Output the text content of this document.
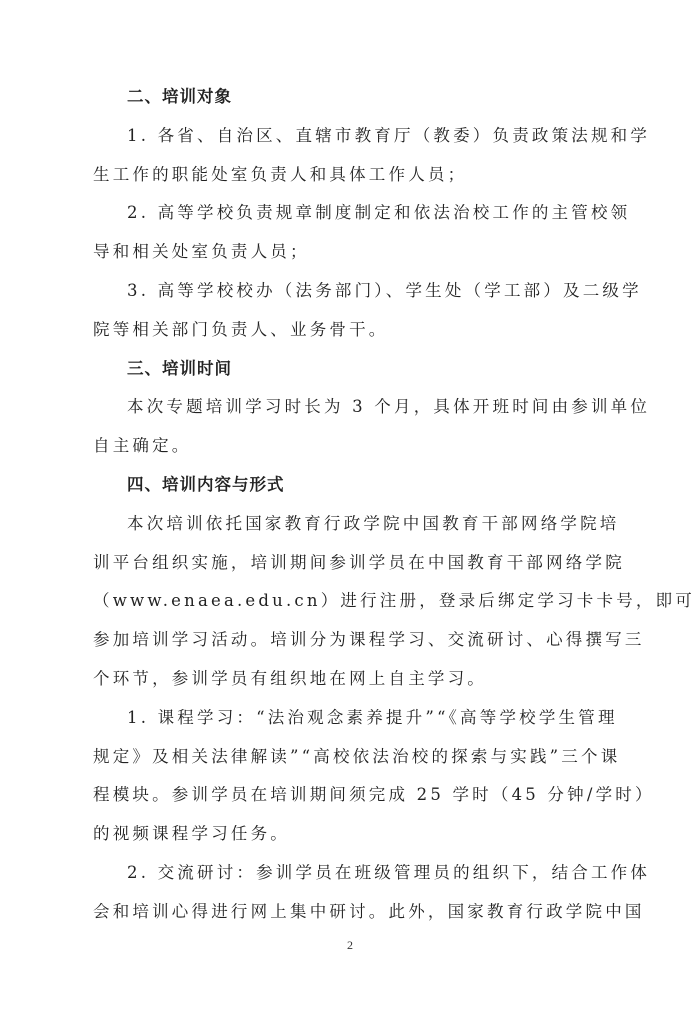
二、培训对象
1. 各省、自治区、直辖市教育厅（教委）负责政策法规和学
生工作的职能处室负责人和具体工作人员；
2. 高等学校负责规章制度制定和依法治校工作的主管校领
导和相关处室负责人员；
3. 高等学校校办（法务部门）、学生处（学工部）及二级学
院等相关部门负责人、业务骨干。
三、培训时间
本次专题培训学习时长为 3 个月，具体开班时间由参训单位
自主确定。
四、培训内容与形式
本次培训依托国家教育行政学院中国教育干部网络学院培
训平台组织实施，培训期间参训学员在中国教育干部网络学院
（www.enaea.edu.cn）进行注册，登录后绑定学习卡卡号，即可
参加培训学习活动。培训分为课程学习、交流研讨、心得撰写三
个环节，参训学员有组织地在网上自主学习。
1. 课程学习：“法治观念素养提升”“《高等学校学生管理
规定》及相关法律解读”“高校依法治校的探索与实践”三个课
程模块。参训学员在培训期间须完成 25 学时（45 分钟/学时）
的视频课程学习任务。
2. 交流研讨：参训学员在班级管理员的组织下，结合工作体
会和培训心得进行网上集中研讨。此外，国家教育行政学院中国
2
